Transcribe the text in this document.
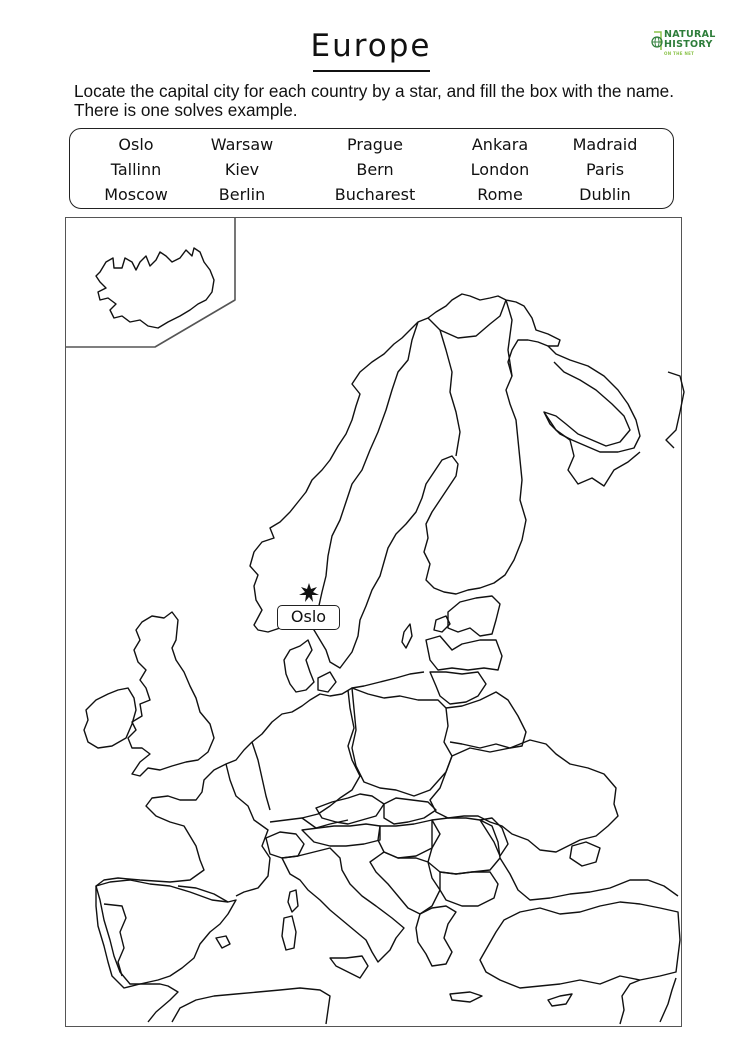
Europe	NATURAL
HISTORY
ON THE NET
Locate the capital city for each country by a star, and fill the box with the name. There is one solves example.
Oslo
Tallinn
Moscow
Warsaw
Kiev
Berlin
Prague
Bern
Bucharest
Ankara
London
Rome
Madraid
Paris
Dublin
Oslo
